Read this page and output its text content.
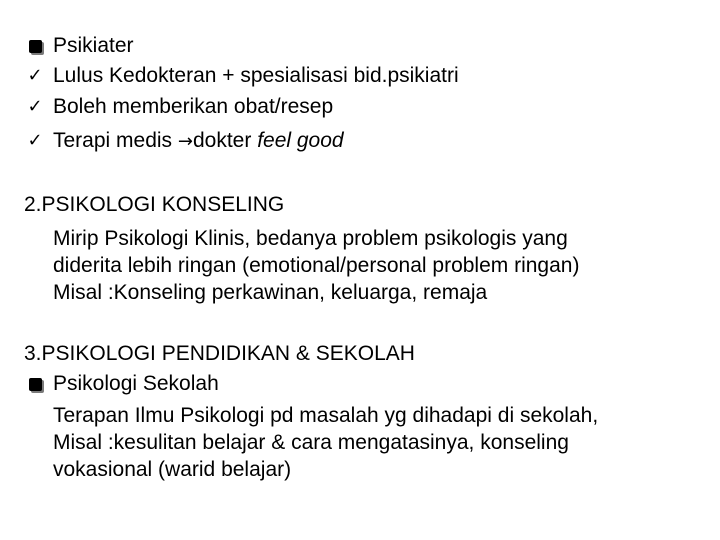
Psikiater
✓ Lulus Kedokteran + spesialisasi bid.psikiatri
✓ Boleh memberikan obat/resep
✓ Terapi medis →dokter feel good
2.PSIKOLOGI KONSELING
Mirip Psikologi Klinis, bedanya problem psikologis yang
diderita lebih ringan (emotional/personal problem ringan)
Misal :Konseling perkawinan, keluarga, remaja
3.PSIKOLOGI PENDIDIKAN & SEKOLAH
Psikologi Sekolah
Terapan Ilmu Psikologi pd masalah yg dihadapi di sekolah,
Misal :kesulitan belajar & cara mengatasinya, konseling
vokasional (warid belajar)
